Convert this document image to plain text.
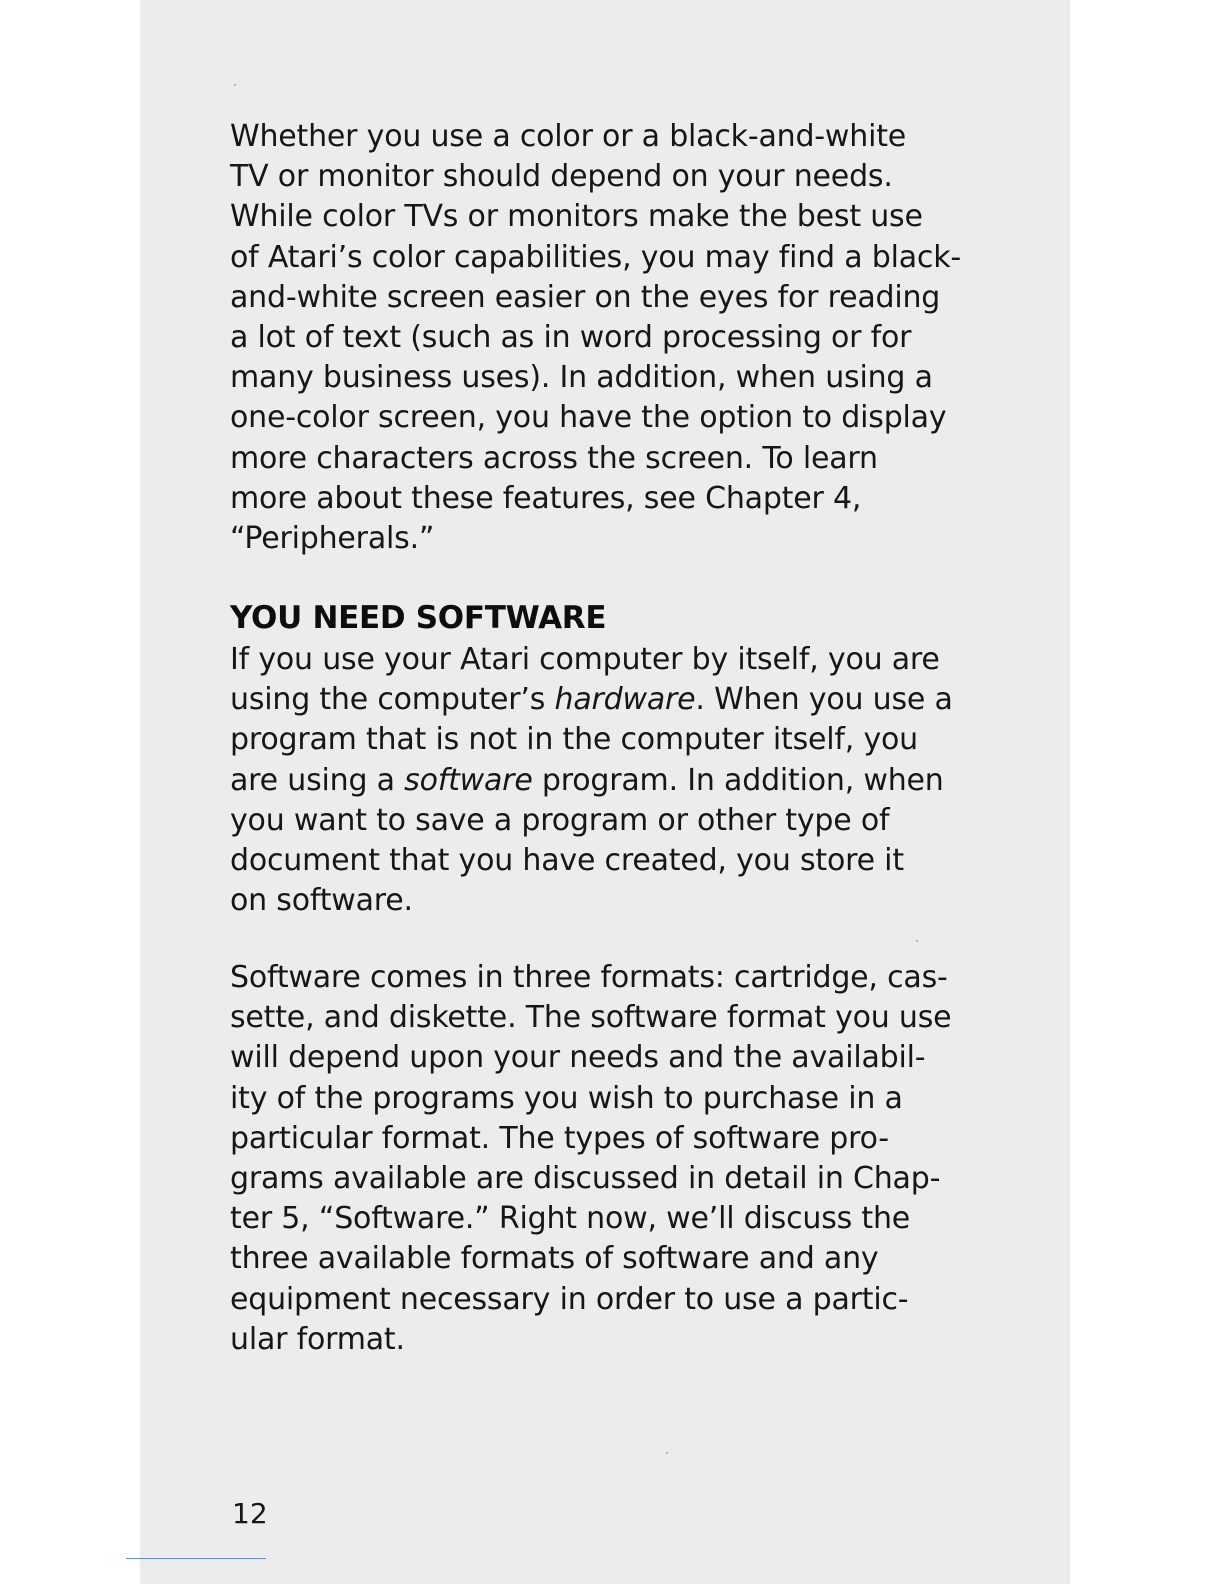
Whether you use a color or a black-and-white
TV or monitor should depend on your needs.
While color TVs or monitors make the best use
of Atari’s color capabilities, you may find a black-
and-white screen easier on the eyes for reading
a lot of text (such as in word processing or for
many business uses). In addition, when using a
one-color screen, you have the option to display
more characters across the screen. To learn
more about these features, see Chapter 4,
“Peripherals.”
YOU NEED SOFTWARE
If you use your Atari computer by itself, you are
using the computer’s hardware. When you use a
program that is not in the computer itself, you
are using a software program. In addition, when
you want to save a program or other type of
document that you have created, you store it
on software.
Software comes in three formats: cartridge, cas-
sette, and diskette. The software format you use
will depend upon your needs and the availabil-
ity of the programs you wish to purchase in a
particular format. The types of software pro-
grams available are discussed in detail in Chap-
ter 5, “Software.” Right now, we’ll discuss the
three available formats of software and any
equipment necessary in order to use a partic-
ular format.
12
